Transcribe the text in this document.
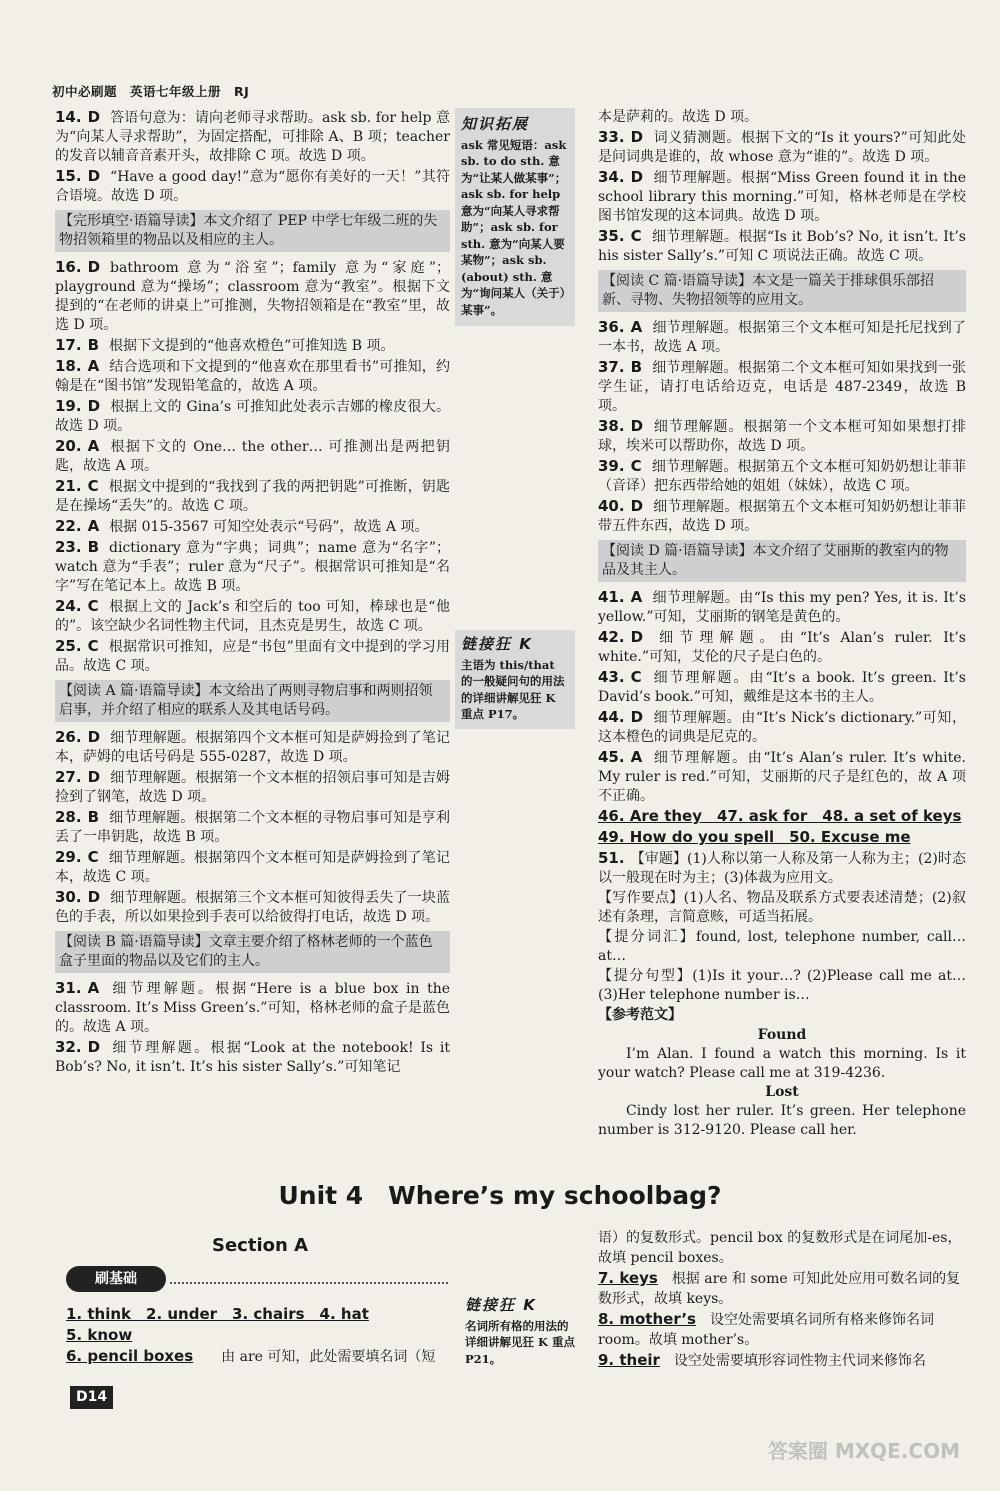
初中必刷题　英语七年级上册　RJ
14. D 答语句意为：请向老师寻求帮助。ask sb. for help 意为“向某人寻求帮助”，为固定搭配，可排除 A、B 项；teacher 的发音以辅音音素开头，故排除 C 项。故选 D 项。
15. D “Have a good day!”意为“愿你有美好的一天！”其符合语境。故选 D 项。
【完形填空·语篇导读】本文介绍了 PEP 中学七年级二班的失物招领箱里的物品以及相应的主人。
16. D bathroom 意为“浴室”；family 意为“家庭”；playground 意为“操场”；classroom 意为“教室”。根据下文提到的“在老师的讲桌上”可推测，失物招领箱是在“教室”里，故选 D 项。
17. B 根据下文提到的“他喜欢橙色”可推知选 B 项。
18. A 结合选项和下文提到的“他喜欢在那里看书”可推知，约翰是在“图书馆”发现铅笔盒的，故选 A 项。
19. D 根据上文的 Gina’s 可推知此处表示吉娜的橡皮很大。故选 D 项。
20. A 根据下文的 One… the other… 可推测出是两把钥匙，故选 A 项。
21. C 根据文中提到的“我找到了我的两把钥匙”可推断，钥匙是在操场“丢失”的。故选 C 项。
22. A 根据 015-3567 可知空处表示“号码”，故选 A 项。
23. B dictionary 意为“字典；词典”；name 意为“名字”；watch 意为“手表”；ruler 意为“尺子”。根据常识可推知是“名字”写在笔记本上。故选 B 项。
24. C 根据上文的 Jack’s 和空后的 too 可知，棒球也是“他的”。该空缺少名词性物主代词，且杰克是男生，故选 C 项。
25. C 根据常识可推知，应是“书包”里面有文中提到的学习用品。故选 C 项。
【阅读 A 篇·语篇导读】本文给出了两则寻物启事和两则招领启事，并介绍了相应的联系人及其电话号码。
26. D 细节理解题。根据第四个文本框可知是萨姆捡到了笔记本，萨姆的电话号码是 555-0287，故选 D 项。
27. D 细节理解题。根据第一个文本框的招领启事可知是吉姆捡到了钢笔，故选 D 项。
28. B 细节理解题。根据第二个文本框的寻物启事可知是亨利丢了一串钥匙，故选 B 项。
29. C 细节理解题。根据第四个文本框可知是萨姆捡到了笔记本，故选 C 项。
30. D 细节理解题。根据第三个文本框可知彼得丢失了一块蓝色的手表，所以如果捡到手表可以给彼得打电话，故选 D 项。
【阅读 B 篇·语篇导读】文章主要介绍了格林老师的一个蓝色盒子里面的物品以及它们的主人。
31. A 细节理解题。根据“Here is a blue box in the classroom. It’s Miss Green’s.”可知，格林老师的盒子是蓝色的。故选 A 项。
32. D 细节理解题。根据“Look at the notebook! Is it Bob’s? No, it isn’t. It’s his sister Sally’s.”可知笔记
知识拓展
ask 常见短语：ask sb. to do sth. 意为“让某人做某事”；ask sb. for help 意为“向某人寻求帮助”；ask sb. for sth. 意为“向某人要某物”；ask sb. (about) sth. 意为“询问某人（关于）某事”。
链接狂 K
主语为 this/that 的一般疑问句的用法的详细讲解见狂 K 重点 P17。
本是萨莉的。故选 D 项。
33. D 词义猜测题。根据下文的“Is it yours?”可知此处是问词典是谁的，故 whose 意为“谁的”。故选 D 项。
34. D 细节理解题。根据“Miss Green found it in the school library this morning.”可知，格林老师是在学校图书馆发现的这本词典。故选 D 项。
35. C 细节理解题。根据“Is it Bob’s? No, it isn’t. It’s his sister Sally’s.”可知 C 项说法正确。故选 C 项。
【阅读 C 篇·语篇导读】本文是一篇关于排球俱乐部招新、寻物、失物招领等的应用文。
36. A 细节理解题。根据第三个文本框可知是托尼找到了一本书，故选 A 项。
37. B 细节理解题。根据第二个文本框可知如果找到一张学生证，请打电话给迈克，电话是 487-2349，故选 B 项。
38. D 细节理解题。根据第一个文本框可知如果想打排球，埃米可以帮助你，故选 D 项。
39. C 细节理解题。根据第五个文本框可知奶奶想让菲菲（音译）把东西带给她的姐姐（妹妹），故选 C 项。
40. D 细节理解题。根据第五个文本框可知奶奶想让菲菲带五件东西，故选 D 项。
【阅读 D 篇·语篇导读】本文介绍了艾丽斯的教室内的物品及其主人。
41. A 细节理解题。由“Is this my pen? Yes, it is. It’s yellow.”可知，艾丽斯的钢笔是黄色的。
42. D 细节理解题。由“It’s Alan’s ruler. It’s white.”可知，艾伦的尺子是白色的。
43. C 细节理解题。由“It’s a book. It’s green. It’s David’s book.”可知，戴维是这本书的主人。
44. D 细节理解题。由“It’s Nick’s dictionary.”可知，这本橙色的词典是尼克的。
45. A 细节理解题。由“It’s Alan’s ruler. It’s white. My ruler is red.”可知，艾丽斯的尺子是红色的，故 A 项不正确。
46. Are they　47. ask for　48. a set of keys
49. How do you spell　50. Excuse me
51. 【审题】(1)人称以第一人称及第一人称为主；(2)时态以一般现在时为主；(3)体裁为应用文。
【写作要点】(1)人名、物品及联系方式要表述清楚；(2)叙述有条理，言简意赅，可适当拓展。
【提分词汇】found, lost, telephone number, call… at…
【提分句型】(1)Is it your…? (2)Please call me at…(3)Her telephone number is…
【参考范文】

Found

I’m Alan. I found a watch this morning. Is it your watch? Please call me at 319-4236.

Lost

Cindy lost her ruler. It’s green. Her telephone number is 312-9120. Please call her.

Unit 4　Where’s my schoolbag?
Section A
刷基础
1. think　2. under　3. chairs　4. hat
5. know
6. pencil boxes　　 由 are 可知，此处需要填名词（短
链接狂 K
名词所有格的用法的详细讲解见狂 K 重点 P21。
语）的复数形式。pencil box 的复数形式是在词尾加-es，故填 pencil boxes。
7. keys　 根据 are 和 some 可知此处应用可数名词的复数形式，故填 keys。
8. mother’s　 设空处需要填名词所有格来修饰名词 room。故填 mother’s。
9. their　 设空处需要填形容词性物主代词来修饰名
D14
答案圈 MXQE.COM
